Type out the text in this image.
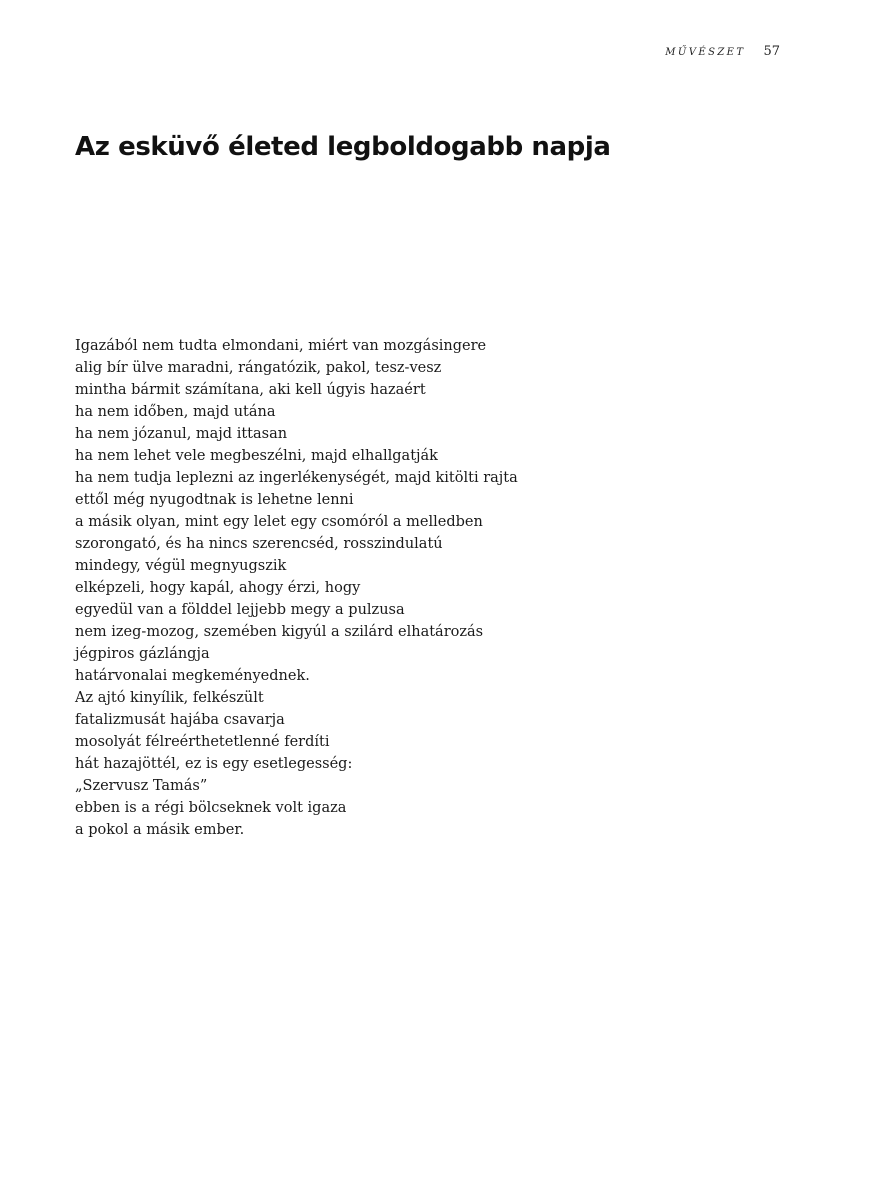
MŰVÉSZET 57
Az esküvő életed legboldogabb napja
Igazából nem tudta elmondani, miért van mozgásingere
alig bír ülve maradni, rángatózik, pakol, tesz-vesz
mintha bármit számítana, aki kell úgyis hazaért
ha nem időben, majd utána
ha nem józanul, majd ittasan
ha nem lehet vele megbeszélni, majd elhallgatják
ha nem tudja leplezni az ingerlékenységét, majd kitölti rajta
ettől még nyugodtnak is lehetne lenni
a másik olyan, mint egy lelet egy csomóról a melledben
szorongató, és ha nincs szerencséd, rosszindulatú
mindegy, végül megnyugszik
elképzeli, hogy kapál, ahogy érzi, hogy
egyedül van a földdel lejjebb megy a pulzusa
nem izeg-mozog, szemében kigyúl a szilárd elhatározás
jégpiros gázlángja
határvonalai megkeményednek.
Az ajtó kinyílik, felkészült
fatalizmusát hajába csavarja
mosolyát félreérthetetlenné ferdíti
hát hazajöttél, ez is egy esetlegesség:
„Szervusz Tamás”
ebben is a régi bölcseknek volt igaza
a pokol a másik ember.
